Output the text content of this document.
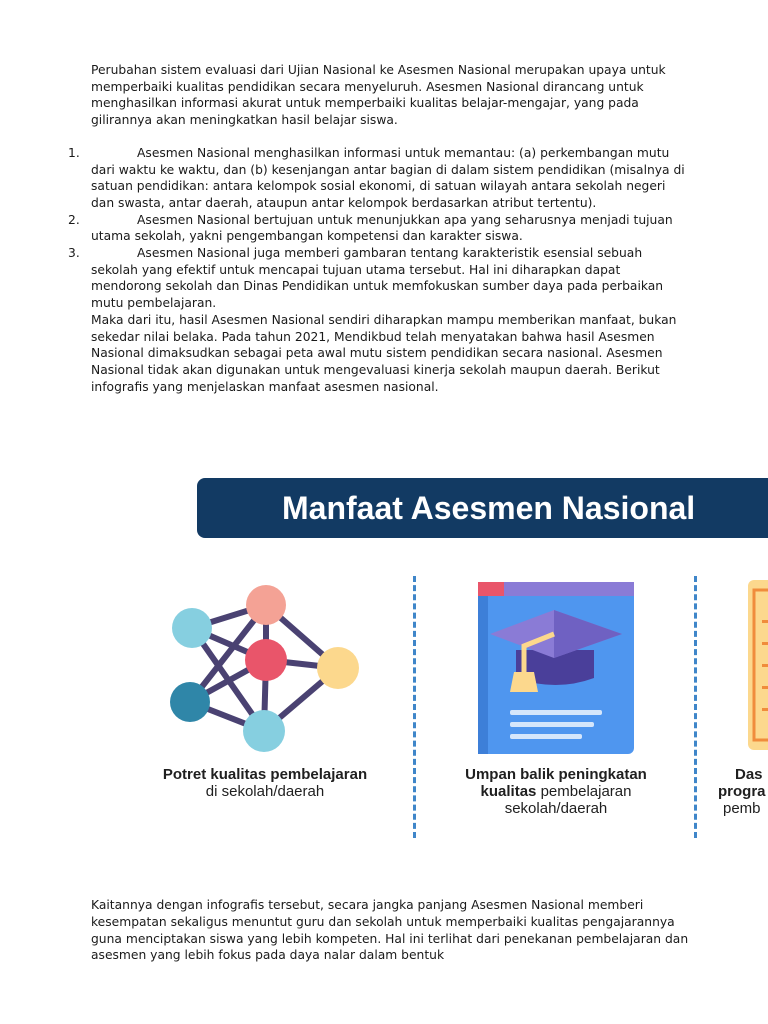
Perubahan sistem evaluasi dari Ujian Nasional ke Asesmen Nasional merupakan upaya untuk memperbaiki kualitas pendidikan secara menyeluruh. Asesmen Nasional dirancang untuk menghasilkan informasi akurat untuk memperbaiki kualitas belajar-mengajar, yang pada gilirannya akan meningkatkan hasil belajar siswa.

1.	Asesmen Nasional menghasilkan informasi untuk memantau: (a) perkembangan mutu dari waktu ke waktu, dan (b) kesenjangan antar bagian di dalam sistem pendidikan (misalnya di satuan pendidikan: antara kelompok sosial ekonomi, di satuan wilayah antara sekolah negeri dan swasta, antar daerah, ataupun antar kelompok berdasarkan atribut tertentu).
2.	Asesmen Nasional bertujuan untuk menunjukkan apa yang seharusnya menjadi tujuan utama sekolah, yakni pengembangan kompetensi dan karakter siswa.
3.	Asesmen Nasional juga memberi gambaran tentang karakteristik esensial sebuah sekolah yang efektif untuk mencapai tujuan utama tersebut. Hal ini diharapkan dapat mendorong sekolah dan Dinas Pendidikan untuk memfokuskan sumber daya pada perbaikan mutu pembelajaran.

Maka dari itu, hasil Asesmen Nasional sendiri diharapkan mampu memberikan manfaat, bukan sekedar nilai belaka. Pada tahun 2021, Mendikbud telah menyatakan bahwa hasil Asesmen Nasional dimaksudkan sebagai peta awal mutu sistem pendidikan secara nasional. Asesmen Nasional tidak akan digunakan untuk mengevaluasi kinerja sekolah maupun daerah. Berikut infografis yang menjelaskan manfaat asesmen nasional.

Manfaat Asesmen Nasional
Potret kualitas pembelajaran
di sekolah/daerah
Umpan balik peningkatan
kualitas pembelajaran
sekolah/daerah
Das
progra
pemb

Kaitannya dengan infografis tersebut, secara jangka panjang Asesmen Nasional memberi kesempatan sekaligus menuntut guru dan sekolah untuk memperbaiki kualitas pengajarannya guna menciptakan siswa yang lebih kompeten. Hal ini terlihat dari penekanan pembelajaran dan asesmen yang lebih fokus pada daya nalar dalam bentuk
